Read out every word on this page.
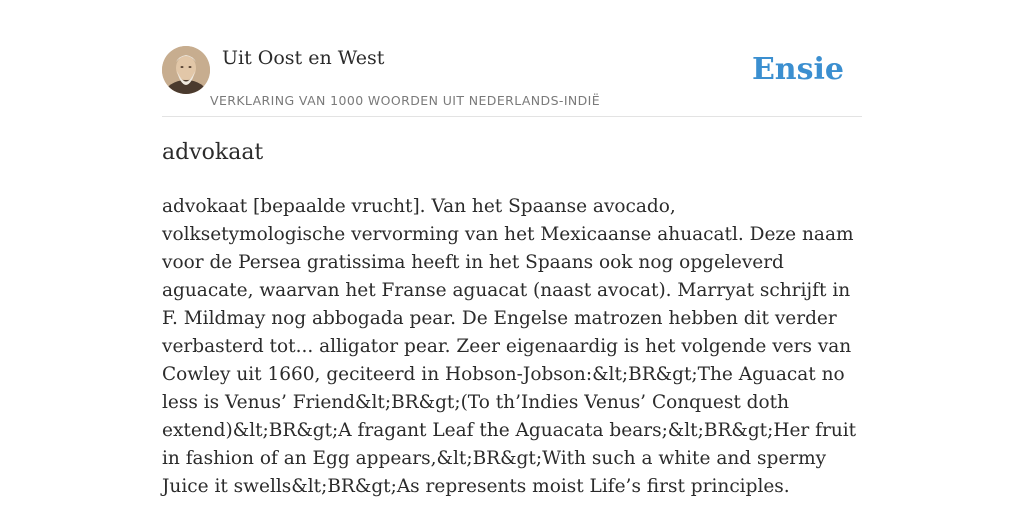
Uit Oost en West
VERKLARING VAN 1000 WOORDEN UIT NEDERLANDS-INDIË
Ensie
advokaat

advokaat [bepaalde vrucht]. Van het Spaanse avocado, volksetymologische vervorming van het Mexicaanse ahuacatl. Deze naam voor de Persea gratissima heeft in het Spaans ook nog opgeleverd aguacate, waarvan het Franse aguacat (naast avocat). Marryat schrijft in F. Mildmay nog abbogada pear. De Engelse matrozen hebben dit verder verbasterd tot... alligator pear. Zeer eigenaardig is het volgende vers van Cowley uit 1660, geciteerd in Hobson-Jobson:&lt;BR&gt;The Aguacat no less is Venus’ Friend&lt;BR&gt;(To th’Indies Venus’ Conquest doth extend)&lt;BR&gt;A fragant Leaf the Aguacata bears;&lt;BR&gt;Her fruit in fashion of an Egg appears,&lt;BR&gt;With such a white and spermy Juice it swells&lt;BR&gt;As represents moist Life’s first principles.
